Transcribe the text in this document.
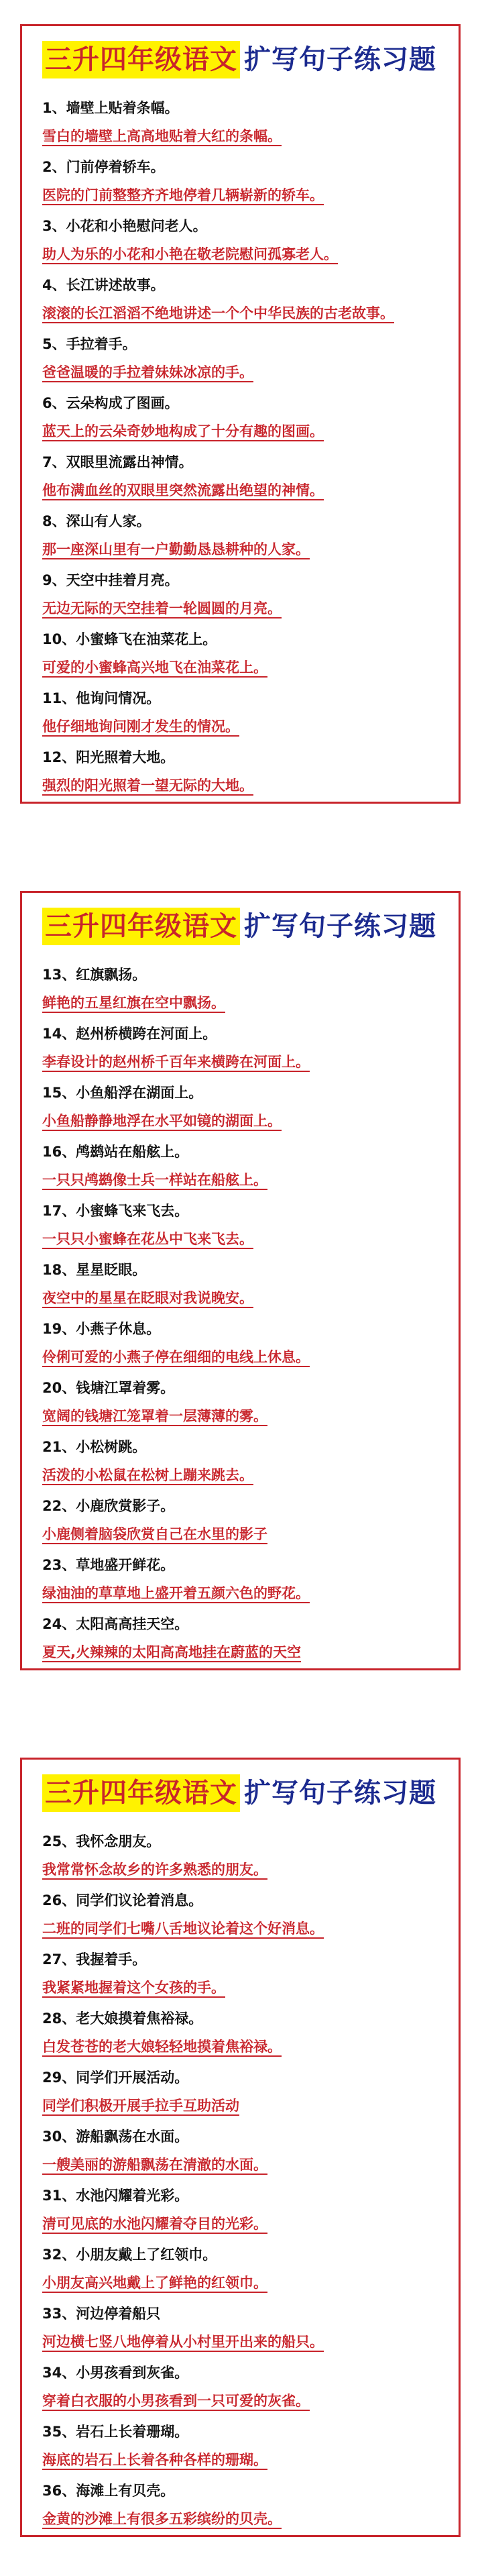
三升四年级语文 扩写句子练习题
1、墙壁上贴着条幅。
雪白的墙壁上高高地贴着大红的条幅。
2、门前停着轿车。
医院的门前整整齐齐地停着几辆崭新的轿车。
3、小花和小艳慰问老人。
助人为乐的小花和小艳在敬老院慰问孤寡老人。
4、长江讲述故事。
滚滚的长江滔滔不绝地讲述一个个中华民族的古老故事。
5、手拉着手。
爸爸温暖的手拉着妹妹冰凉的手。
6、云朵构成了图画。
蓝天上的云朵奇妙地构成了十分有趣的图画。
7、双眼里流露出神情。
他布满血丝的双眼里突然流露出绝望的神情。
8、深山有人家。
那一座深山里有一户勤勤恳恳耕种的人家。
9、天空中挂着月亮。
无边无际的天空挂着一轮圆圆的月亮。
10、小蜜蜂飞在油菜花上。
可爱的小蜜蜂高兴地飞在油菜花上。
11、他询问情况。
他仔细地询问刚才发生的情况。
12、阳光照着大地。
强烈的阳光照着一望无际的大地。
三升四年级语文 扩写句子练习题
13、红旗飘扬。
鲜艳的五星红旗在空中飘扬。
14、赵州桥横跨在河面上。
李春设计的赵州桥千百年来横跨在河面上。
15、小鱼船浮在湖面上。
小鱼船静静地浮在水平如镜的湖面上。
16、鸬鹚站在船舷上。
一只只鸬鹚像士兵一样站在船舷上。
17、小蜜蜂飞来飞去。
一只只小蜜蜂在花丛中飞来飞去。
18、星星眨眼。
夜空中的星星在眨眼对我说晚安。
19、小燕子休息。
伶俐可爱的小燕子停在细细的电线上休息。
20、钱塘江罩着雾。
宽阔的钱塘江笼罩着一层薄薄的雾。
21、小松树跳。
活泼的小松鼠在松树上蹦来跳去。
22、小鹿欣赏影子。
小鹿侧着脑袋欣赏自己在水里的影子
23、草地盛开鲜花。
绿油油的草草地上盛开着五颜六色的野花。
24、太阳高高挂天空。
夏天,火辣辣的太阳高高地挂在蔚蓝的天空
三升四年级语文 扩写句子练习题
25、我怀念朋友。
我常常怀念故乡的许多熟悉的朋友。
26、同学们议论着消息。
二班的同学们七嘴八舌地议论着这个好消息。
27、我握着手。
我紧紧地握着这个女孩的手。
28、老大娘摸着焦裕禄。
白发苍苍的老大娘轻轻地摸着焦裕禄。
29、同学们开展活动。
同学们积极开展手拉手互助活动
30、游船飘荡在水面。
一艘美丽的游船飘荡在清澈的水面。
31、水池闪耀着光彩。
清可见底的水池闪耀着夺目的光彩。
32、小朋友戴上了红领巾。
小朋友高兴地戴上了鲜艳的红领巾。
33、河边停着船只
河边横七竖八地停着从小村里开出来的船只。
34、小男孩看到灰雀。
穿着白衣服的小男孩看到一只可爱的灰雀。
35、岩石上长着珊瑚。
海底的岩石上长着各种各样的珊瑚。
36、海滩上有贝壳。
金黄的沙滩上有很多五彩缤纷的贝壳。
